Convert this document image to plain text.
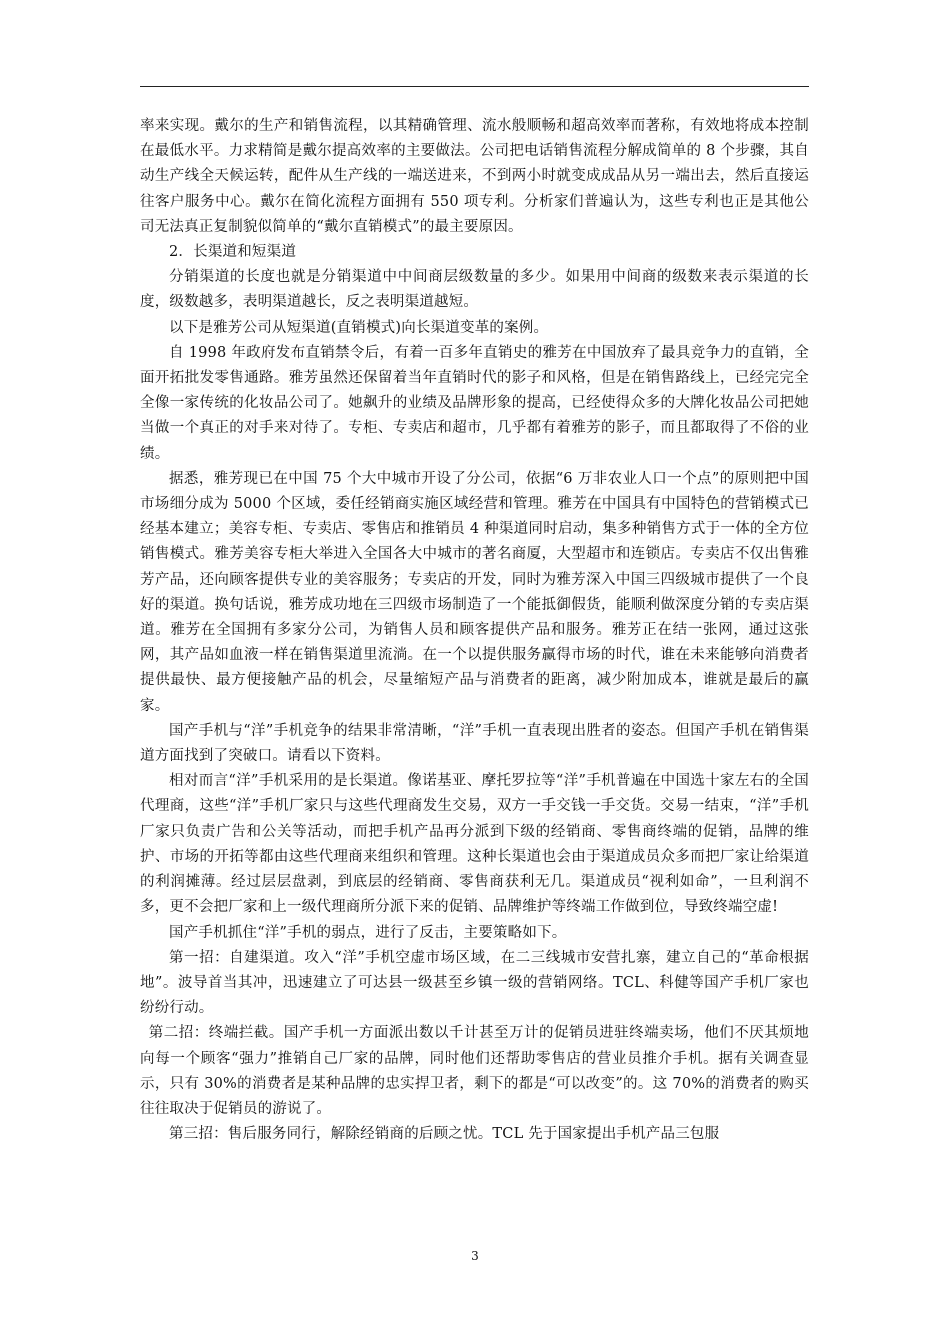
率来实现。戴尔的生产和销售流程，以其精确管理、流水般顺畅和超高效率而著称，有效地将成本控制在最低水平。力求精简是戴尔提高效率的主要做法。公司把电话销售流程分解成简单的 8 个步骤，其自动生产线全天候运转，配件从生产线的一端送进来，不到两小时就变成成品从另一端出去，然后直接运往客户服务中心。戴尔在简化流程方面拥有 550 项专利。分析家们普遍认为，这些专利也正是其他公司无法真正复制貌似简单的“戴尔直销模式”的最主要原因。

2．长渠道和短渠道

分销渠道的长度也就是分销渠道中中间商层级数量的多少。如果用中间商的级数来表示渠道的长度，级数越多，表明渠道越长，反之表明渠道越短。

以下是雅芳公司从短渠道(直销模式)向长渠道变革的案例。

自 1998 年政府发布直销禁令后，有着一百多年直销史的雅芳在中国放弃了最具竞争力的直销，全面开拓批发零售通路。雅芳虽然还保留着当年直销时代的影子和风格，但是在销售路线上，已经完完全全像一家传统的化妆品公司了。她飙升的业绩及品牌形象的提高，已经使得众多的大牌化妆品公司把她当做一个真正的对手来对待了。专柜、专卖店和超市，几乎都有着雅芳的影子，而且都取得了不俗的业绩。

据悉，雅芳现已在中国 75 个大中城市开设了分公司，依据“6 万非农业人口一个点”的原则把中国市场细分成为 5000 个区域，委任经销商实施区域经营和管理。雅芳在中国具有中国特色的营销模式已经基本建立；美容专柜、专卖店、零售店和推销员 4 种渠道同时启动，集多种销售方式于一体的全方位销售模式。雅芳美容专柜大举进入全国各大中城市的著名商厦，大型超市和连锁店。专卖店不仅出售雅芳产品，还向顾客提供专业的美容服务；专卖店的开发，同时为雅芳深入中国三四级城市提供了一个良好的渠道。换句话说，雅芳成功地在三四级市场制造了一个能抵御假货，能顺利做深度分销的专卖店渠道。雅芳在全国拥有多家分公司，为销售人员和顾客提供产品和服务。雅芳正在结一张网，通过这张网，其产品如血液一样在销售渠道里流淌。在一个以提供服务赢得市场的时代，谁在未来能够向消费者提供最快、最方便接触产品的机会，尽量缩短产品与消费者的距离，减少附加成本，谁就是最后的赢家。

国产手机与“洋”手机竞争的结果非常清晰，“洋”手机一直表现出胜者的姿态。但国产手机在销售渠道方面找到了突破口。请看以下资料。

相对而言“洋”手机采用的是长渠道。像诺基亚、摩托罗拉等“洋”手机普遍在中国选十家左右的全国代理商，这些“洋”手机厂家只与这些代理商发生交易，双方一手交钱一手交货。交易一结束，“洋”手机厂家只负责广告和公关等活动，而把手机产品再分派到下级的经销商、零售商终端的促销，品牌的维护、市场的开拓等都由这些代理商来组织和管理。这种长渠道也会由于渠道成员众多而把厂家让给渠道的利润摊薄。经过层层盘剥，到底层的经销商、零售商获利无几。渠道成员“视利如命”，一旦利润不多，更不会把厂家和上一级代理商所分派下来的促销、品牌维护等终端工作做到位，导致终端空虚!

国产手机抓住“洋”手机的弱点，进行了反击，主要策略如下。

第一招：自建渠道。攻入“洋”手机空虚市场区域，在二三线城市安营扎寨，建立自己的“革命根据地”。波导首当其冲，迅速建立了可达县一级甚至乡镇一级的营销网络。TCL、科健等国产手机厂家也纷纷行动。

第二招：终端拦截。国产手机一方面派出数以千计甚至万计的促销员进驻终端卖场，他们不厌其烦地向每一个顾客“强力”推销自己厂家的品牌，同时他们还帮助零售店的营业员推介手机。据有关调查显示，只有 30%的消费者是某种品牌的忠实捍卫者，剩下的都是“可以改变”的。这 70%的消费者的购买往往取决于促销员的游说了。

第三招：售后服务同行，解除经销商的后顾之忧。TCL 先于国家提出手机产品三包服

3
